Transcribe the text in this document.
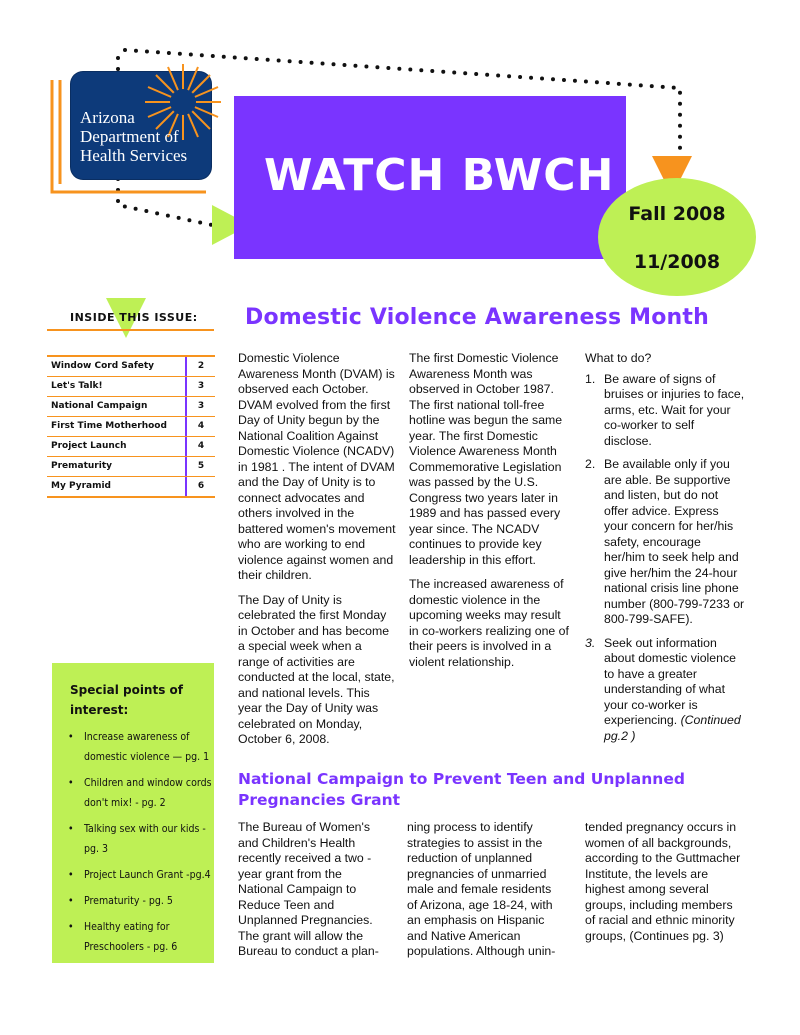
Arizona
Department of
Health Services WATCH BWCH
Fall 2008
11/2008
INSIDE THIS ISSUE:
Window Cord Safety	2
Let's Talk!	3
National Campaign	3
First Time Motherhood	4
Project Launch	4
Prematurity	5
My Pyramid	6
Special points of interest:
• Increase awareness of domestic violence — pg. 1
• Children and window cords don't mix! - pg. 2
• Talking sex with our kids - pg. 3
• Project Launch Grant -pg.4
• Prematurity - pg. 5
• Healthy eating for Preschoolers - pg. 6
Domestic Violence Awareness Month

Domestic Violence Awareness Month (DVAM) is observed each October. DVAM evolved from the first Day of Unity begun by the National Coalition Against Domestic Violence (NCADV) in 1981 . The intent of DVAM and the Day of Unity is to connect advocates and others involved in the battered women's movement who are working to end violence against women and their children.

The Day of Unity is celebrated the first Monday in October and has become a special week when a range of activities are conducted at the local, state, and national levels. This year the Day of Unity was celebrated on Monday, October 6, 2008.

The first Domestic Violence Awareness Month was observed in October 1987. The first national toll-free hotline was begun the same year. The first Domestic Violence Awareness Month Commemorative Legislation was passed by the U.S. Congress two years later in 1989 and has passed every year since. The NCADV continues to provide key leadership in this effort.

The increased awareness of domestic violence in the upcoming weeks may result in co-workers realizing one of their peers is involved in a violent relationship.

What to do?
1. Be aware of signs of bruises or injuries to face, arms, etc. Wait for your co-worker to self disclose.
2. Be available only if you are able. Be supportive and listen, but do not offer advice. Express your concern for her/his safety, encourage her/him to seek help and give her/him the 24-hour national crisis line phone number (800-799-7233 or 800-799-SAFE).
3. Seek out information about domestic violence to have a greater understanding of what your co-worker is experiencing. (Continued pg.2 )
National Campaign to Prevent Teen and Unplanned Pregnancies Grant
The Bureau of Women's and Children's Health recently received a two - year grant from the National Campaign to Reduce Teen and Unplanned Pregnancies. The grant will allow the Bureau to conduct a plan-
ning process to identify strategies to assist in the reduction of unplanned pregnancies of unmarried male and female residents of Arizona, age 18-24, with an emphasis on Hispanic and Native American populations. Although unin-
tended pregnancy occurs in women of all backgrounds, according to the Guttmacher Institute, the levels are highest among several groups, including members of racial and ethnic minority groups, (Continues pg. 3)
